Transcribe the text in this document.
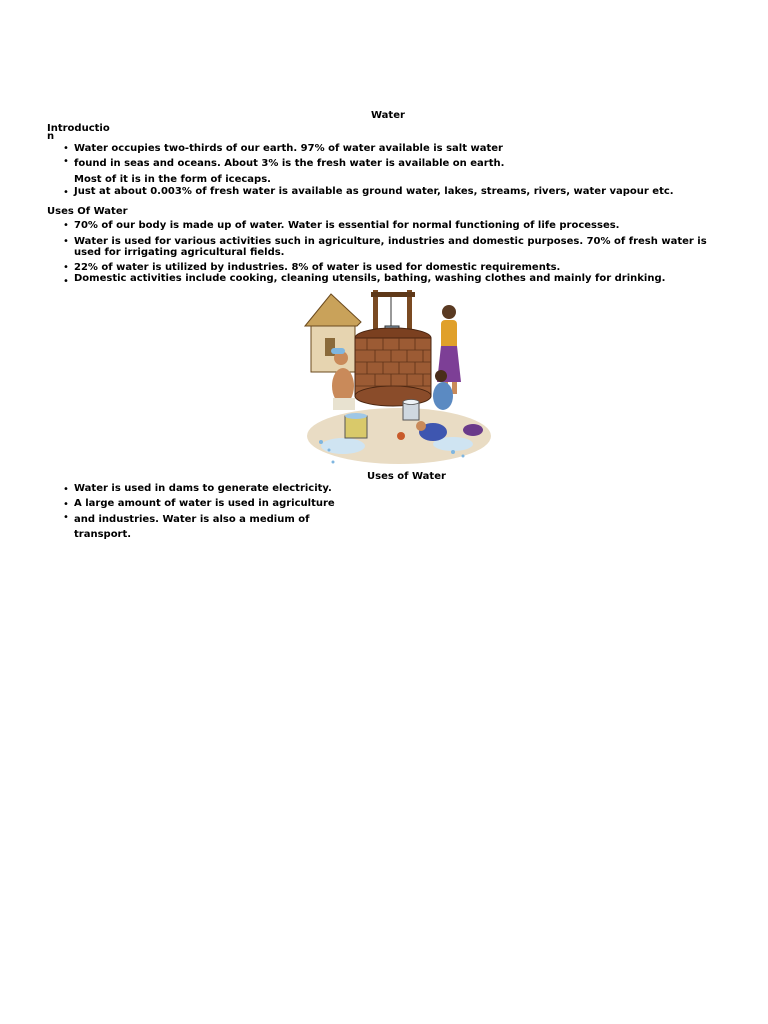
Water
Introductio
n
• Water occupies two-thirds of our earth. 97% of water available is salt water
• found in seas and oceans. About 3% is the fresh water is available on earth.
Most of it is in the form of icecaps.
• Just at about 0.003% of fresh water is available as ground water, lakes, streams, rivers, water vapour etc.
Uses Of Water
• 70% of our body is made up of water. Water is essential for normal functioning of life processes.
• Water is used for various activities such in agriculture, industries and domestic purposes. 70% of fresh water is
used for irrigating agricultural fields.
• 22% of water is utilized by industries. 8% of water is used for domestic requirements.
• Domestic activities include cooking, cleaning utensils, bathing, washing clothes and mainly for drinking.
Uses of Water
• Water is used in dams to generate electricity.
• A large amount of water is used in agriculture
• and industries. Water is also a medium of
transport.
